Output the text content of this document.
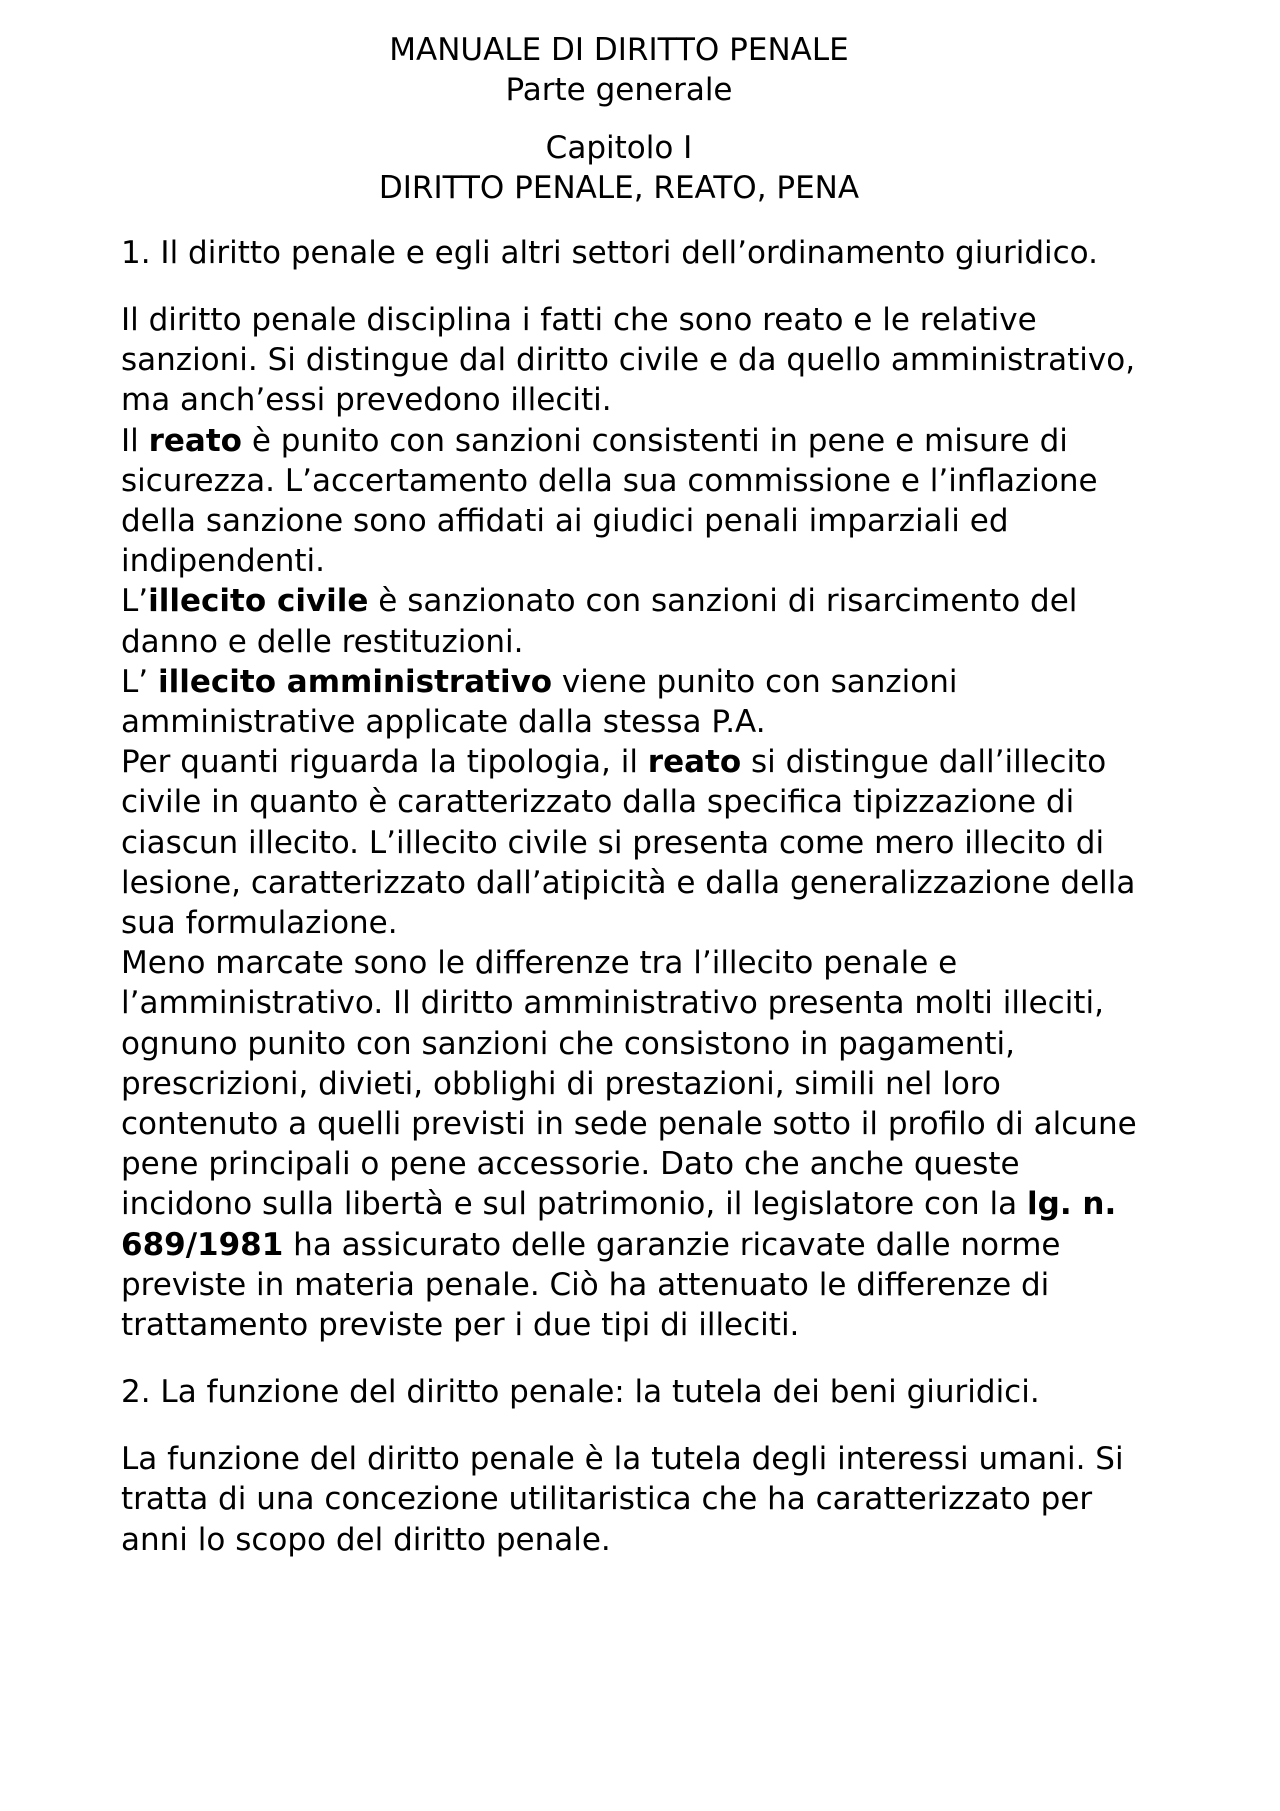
MANUALE DI DIRITTO PENALE
Parte generale
Capitolo I
DIRITTO PENALE, REATO, PENA
1. Il diritto penale e egli altri settori dell’ordinamento giuridico.

Il diritto penale disciplina i fatti che sono reato e le relative sanzioni. Si distingue dal diritto civile e da quello amministrativo, ma anch’essi prevedono illeciti.

Il reato è punito con sanzioni consistenti in pene e misure di sicurezza. L’accertamento della sua commissione e l’inflazione della sanzione sono affidati ai giudici penali imparziali ed indipendenti.

L’illecito civile è sanzionato con sanzioni di risarcimento del danno e delle restituzioni.

L’ illecito amministrativo viene punito con sanzioni amministrative applicate dalla stessa P.A.

Per quanti riguarda la tipologia, il reato si distingue dall’illecito civile in quanto è caratterizzato dalla specifica tipizzazione di ciascun illecito. L’illecito civile si presenta come mero illecito di lesione, caratterizzato dall’atipicità e dalla generalizzazione della sua formulazione.

Meno marcate sono le differenze tra l’illecito penale e l’amministrativo. Il diritto amministrativo presenta molti illeciti, ognuno punito con sanzioni che consistono in pagamenti, prescrizioni, divieti, obblighi di prestazioni, simili nel loro contenuto a quelli previsti in sede penale sotto il profilo di alcune pene principali o pene accessorie. Dato che anche queste incidono sulla libertà e sul patrimonio, il legislatore con la lg. n. 689/1981 ha assicurato delle garanzie ricavate dalle norme previste in materia penale. Ciò ha attenuato le differenze di trattamento previste per i due tipi di illeciti.

2. La funzione del diritto penale: la tutela dei beni giuridici.

La funzione del diritto penale è la tutela degli interessi umani. Si tratta di una concezione utilitaristica che ha caratterizzato per anni lo scopo del diritto penale.
